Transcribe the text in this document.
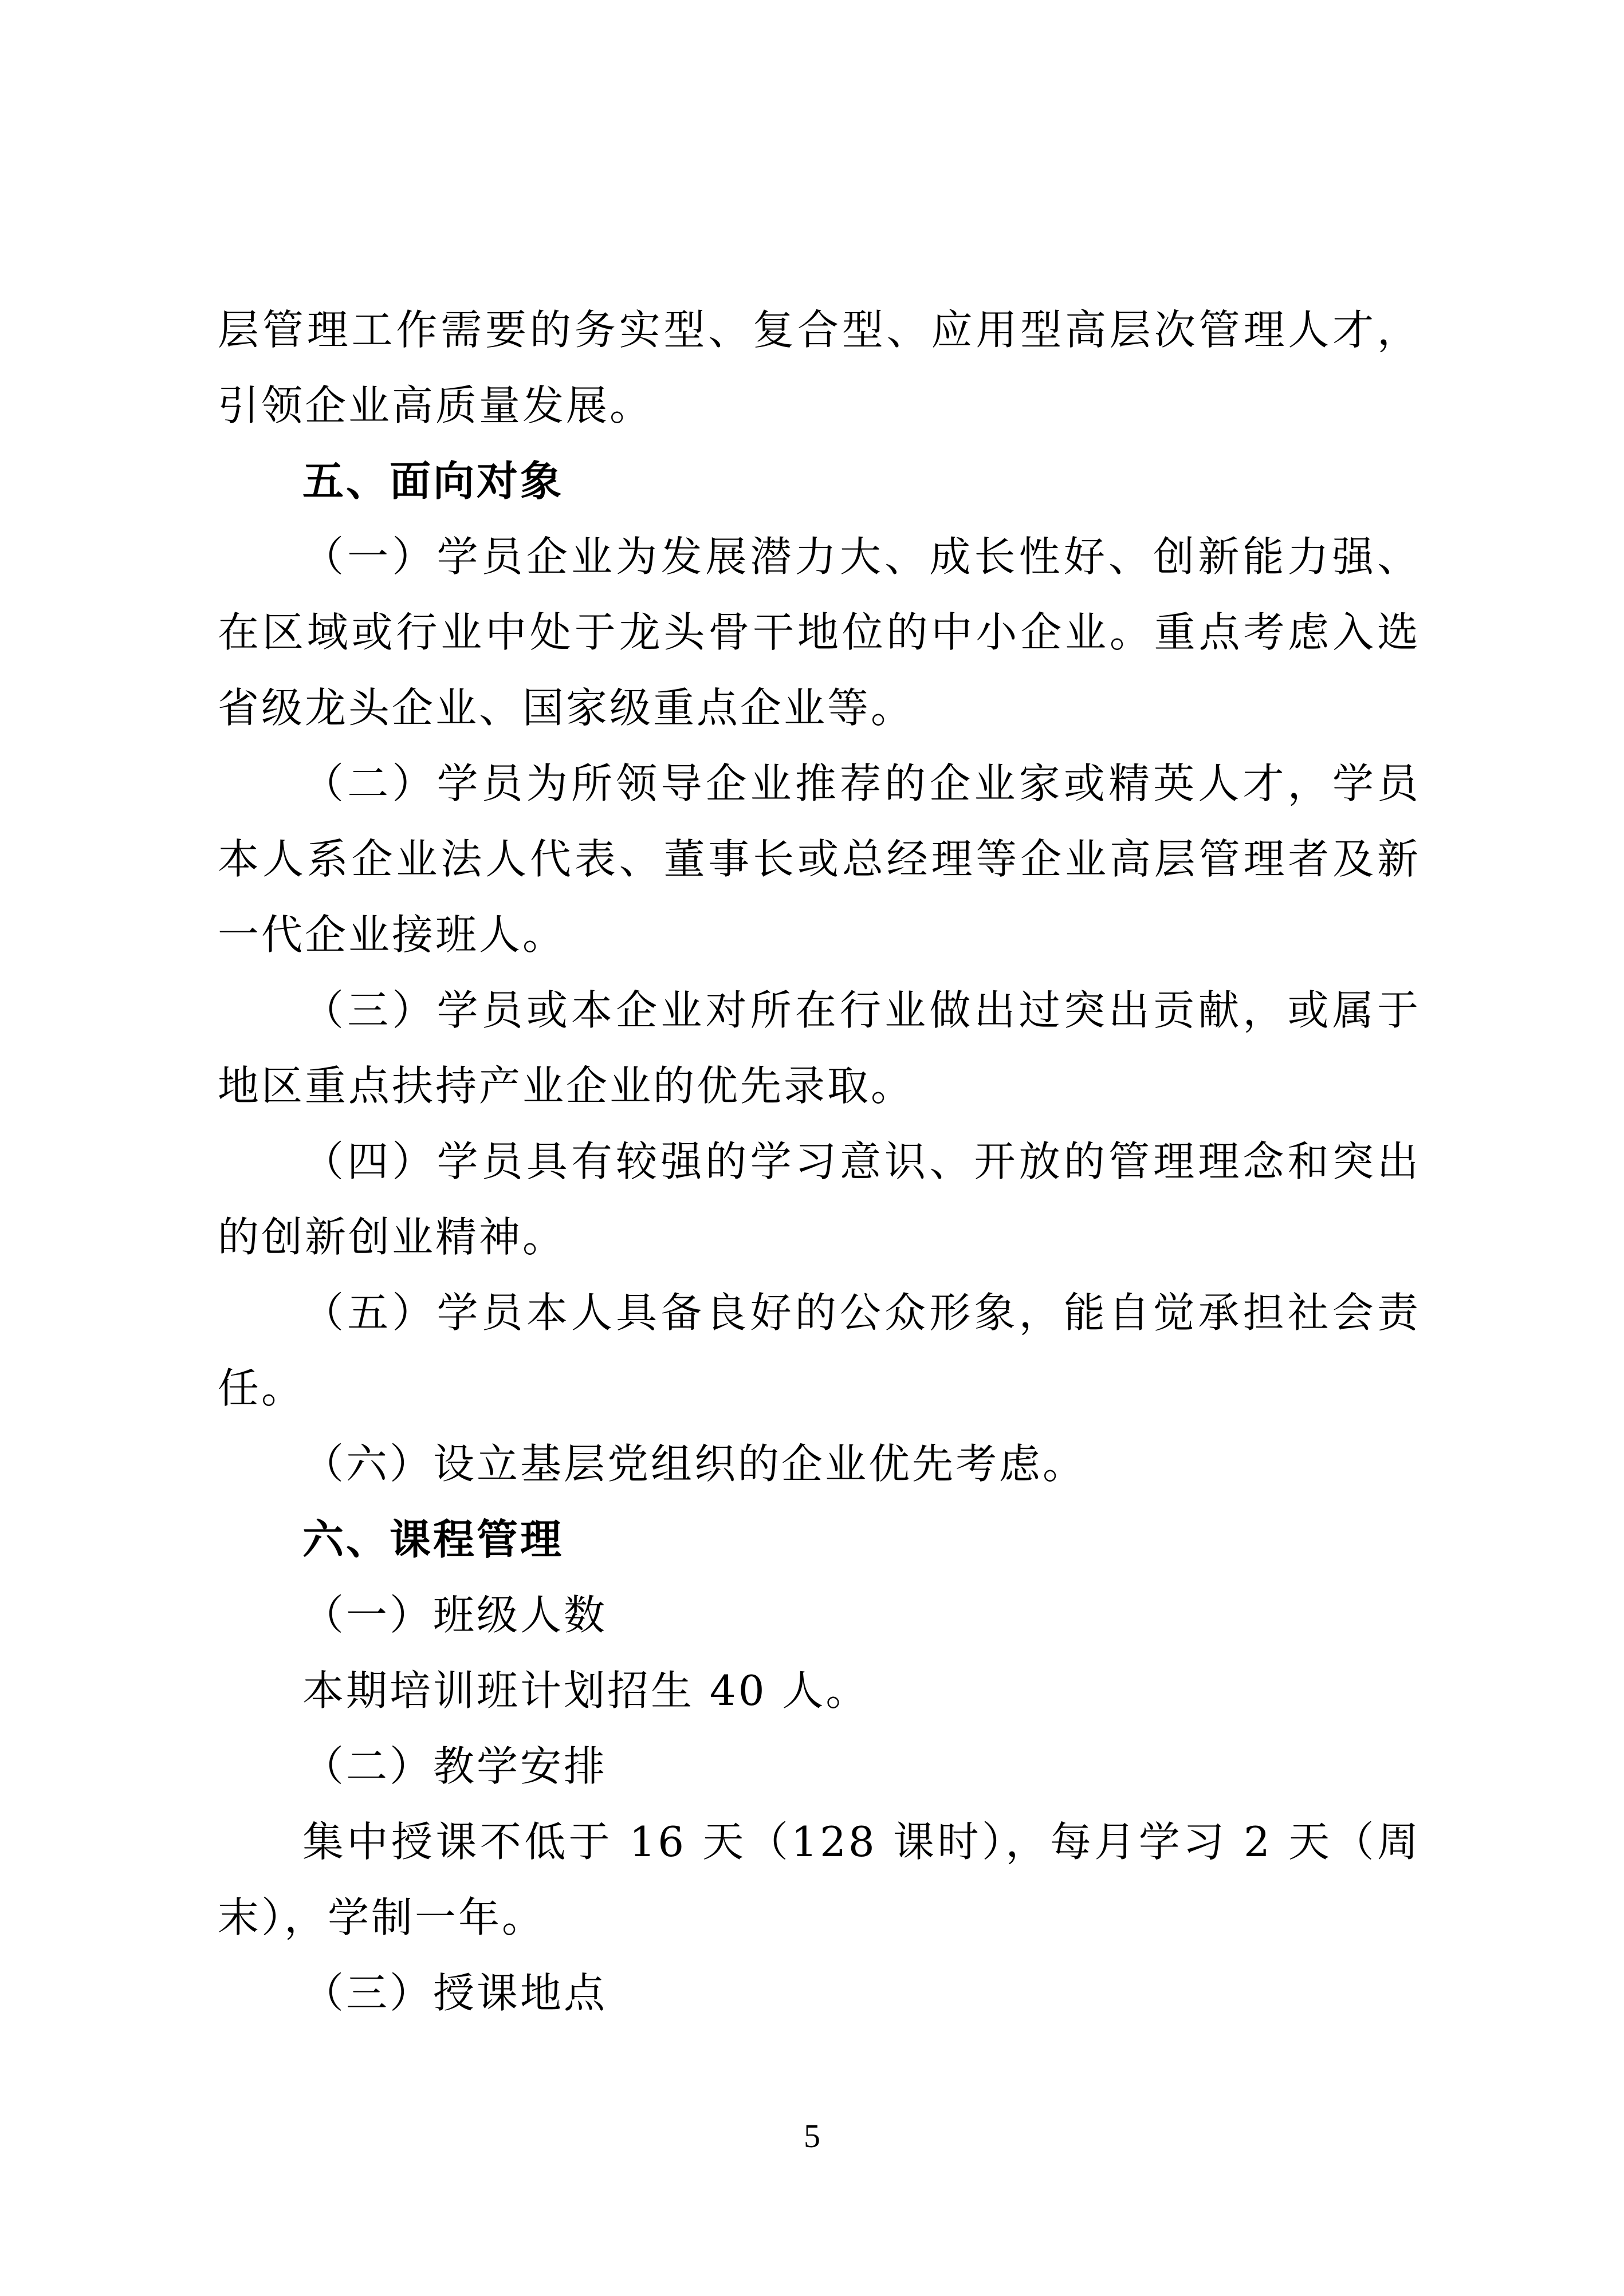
层管理工作需要的务实型、复合型、应用型高层次管理人才，引领企业高质量发展。

五、面向对象

（一）学员企业为发展潜力大、成长性好、创新能力强、在区域或行业中处于龙头骨干地位的中小企业。重点考虑入选省级龙头企业、国家级重点企业等。

（二）学员为所领导企业推荐的企业家或精英人才，学员本人系企业法人代表、董事长或总经理等企业高层管理者及新一代企业接班人。

（三）学员或本企业对所在行业做出过突出贡献，或属于地区重点扶持产业企业的优先录取。

（四）学员具有较强的学习意识、开放的管理理念和突出的创新创业精神。

（五）学员本人具备良好的公众形象，能自觉承担社会责任。

（六）设立基层党组织的企业优先考虑。

六、课程管理

（一）班级人数

本期培训班计划招生 40 人。

（二）教学安排

集中授课不低于 16 天（128 课时），每月学习 2 天（周末），学制一年。

（三）授课地点

5
